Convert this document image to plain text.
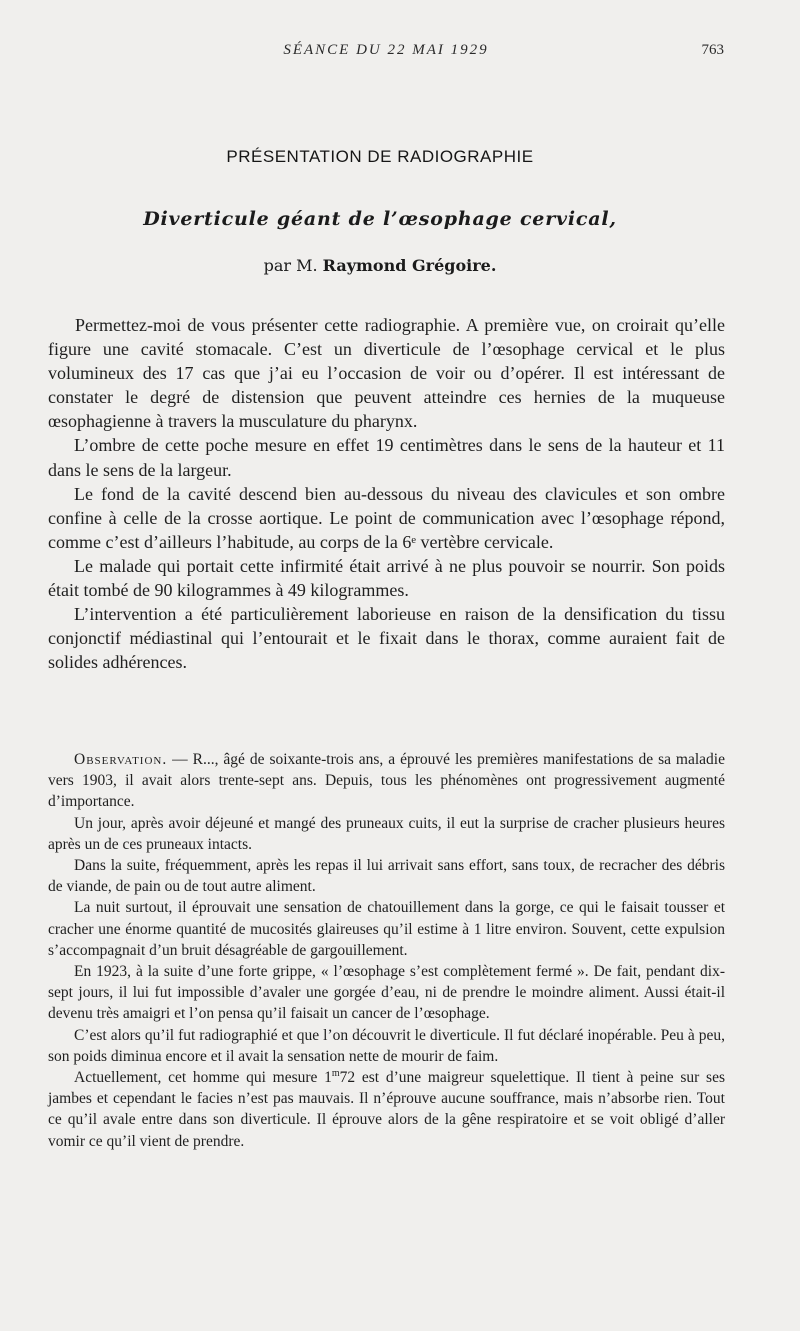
SÉANCE DU 22 MAI 1929	763
PRÉSENTATION DE RADIOGRAPHIE
Diverticule géant de l’œsophage cervical,
par M. Raymond Grégoire.

Permettez-moi de vous présenter cette radiographie. A première vue, on croirait qu’elle figure une cavité stomacale. C’est un diverticule de l’œsophage cervical et le plus volumineux des 17 cas que j’ai eu l’occasion de voir ou d’opérer. Il est intéressant de constater le degré de distension que peuvent atteindre ces hernies de la muqueuse œsophagienne à travers la musculature du pharynx.

L’ombre de cette poche mesure en effet 19 centimètres dans le sens de la hauteur et 11 dans le sens de la largeur.

Le fond de la cavité descend bien au-dessous du niveau des clavicules et son ombre confine à celle de la crosse aortique. Le point de communication avec l’œsophage répond, comme c’est d’ailleurs l’habitude, au corps de la 6ᵉ vertèbre cervicale.

Le malade qui portait cette infirmité était arrivé à ne plus pouvoir se nourrir. Son poids était tombé de 90 kilogrammes à 49 kilogrammes.

L’intervention a été particulièrement laborieuse en raison de la densification du tissu conjonctif médiastinal qui l’entourait et le fixait dans le thorax, comme auraient fait de solides adhérences.

Observation. — R..., âgé de soixante-trois ans, a éprouvé les premières manifestations de sa maladie vers 1903, il avait alors trente-sept ans. Depuis, tous les phénomènes ont progressivement augmenté d’importance.

Un jour, après avoir déjeuné et mangé des pruneaux cuits, il eut la surprise de cracher plusieurs heures après un de ces pruneaux intacts.

Dans la suite, fréquemment, après les repas il lui arrivait sans effort, sans toux, de recracher des débris de viande, de pain ou de tout autre aliment.

La nuit surtout, il éprouvait une sensation de chatouillement dans la gorge, ce qui le faisait tousser et cracher une énorme quantité de mucosités glaireuses qu’il estime à 1 litre environ. Souvent, cette expulsion s’accompagnait d’un bruit désagréable de gargouillement.

En 1923, à la suite d’une forte grippe, « l’œsophage s’est complètement fermé ». De fait, pendant dix-sept jours, il lui fut impossible d’avaler une gorgée d’eau, ni de prendre le moindre aliment. Aussi était-il devenu très amaigri et l’on pensa qu’il faisait un cancer de l’œsophage.

C’est alors qu’il fut radiographié et que l’on découvrit le diverticule. Il fut déclaré inopérable. Peu à peu, son poids diminua encore et il avait la sensation nette de mourir de faim.

Actuellement, cet homme qui mesure 1$^m$72 est d’une maigreur squelettique. Il tient à peine sur ses jambes et cependant le facies n’est pas mauvais. Il n’éprouve aucune souffrance, mais n’absorbe rien. Tout ce qu’il avale entre dans son diverticule. Il éprouve alors de la gêne respiratoire et se voit obligé d’aller vomir ce qu’il vient de prendre.
